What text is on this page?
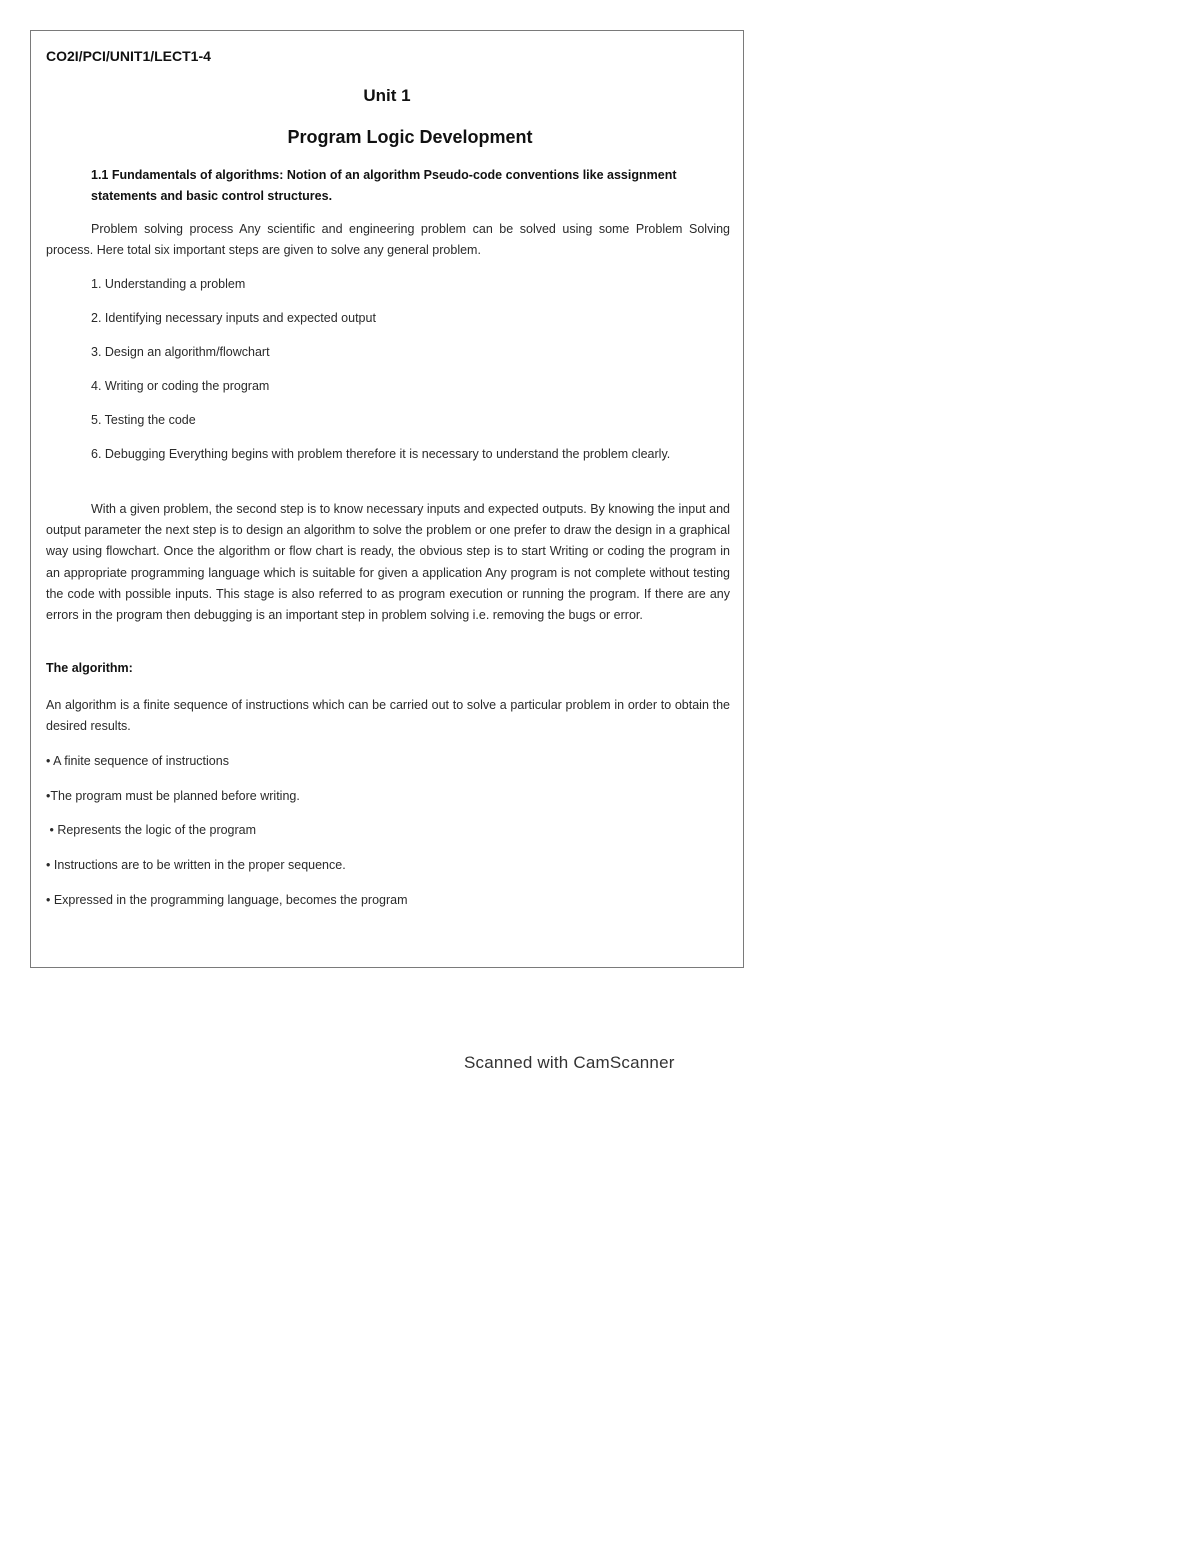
CO2I/PCI/UNIT1/LECT1-4
Unit 1
Program Logic Development
1.1 Fundamentals of algorithms: Notion of an algorithm Pseudo-code conventions like assignment statements and basic control structures.
Problem solving process Any scientific and engineering problem can be solved using some Problem Solving process. Here total six important steps are given to solve any general problem.
1. Understanding a problem
2. Identifying necessary inputs and expected output
3. Design an algorithm/flowchart
4. Writing or coding the program
5. Testing the code
6. Debugging Everything begins with problem therefore it is necessary to understand the problem clearly.
With a given problem, the second step is to know necessary inputs and expected outputs. By knowing the input and output parameter the next step is to design an algorithm to solve the problem or one prefer to draw the design in a graphical way using flowchart. Once the algorithm or flow chart is ready, the obvious step is to start Writing or coding the program in an appropriate programming language which is suitable for given a application Any program is not complete without testing the code with possible inputs. This stage is also referred to as program execution or running the program. If there are any errors in the program then debugging is an important step in problem solving i.e. removing the bugs or error.
The algorithm:
An algorithm is a finite sequence of instructions which can be carried out to solve a particular problem in order to obtain the desired results.
• A finite sequence of instructions
•The program must be planned before writing.
• Represents the logic of the program
• Instructions are to be written in the proper sequence.
• Expressed in the programming language, becomes the program
Scanned with CamScanner
